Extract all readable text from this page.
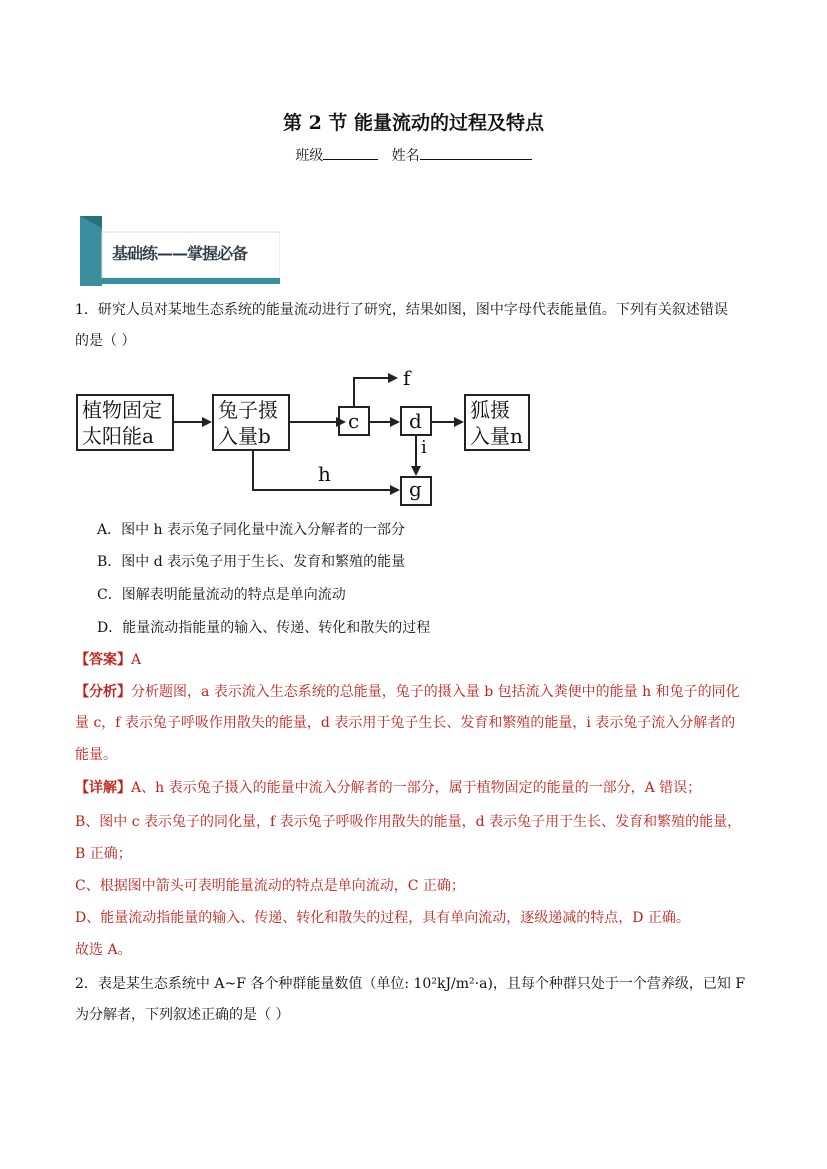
第 2 节 能量流动的过程及特点
班级	姓名
基础练——掌握必备
1．研究人员对某地生态系统的能量流动进行了研究，结果如图，图中字母代表能量值。下列有关叙述错误
的是（ ）
植物固定
太阳能a
兔子摄
入量b
c
f
d 狐摄
入量n
i
g
h
A．图中 h 表示兔子同化量中流入分解者的一部分
B．图中 d 表示兔子用于生长、发育和繁殖的能量
C．图解表明能量流动的特点是单向流动
D．能量流动指能量的输入、传递、转化和散失的过程
【答案】A
【分析】分析题图，a 表示流入生态系统的总能量，兔子的摄入量 b 包括流入粪便中的能量 h 和兔子的同化
量 c，f 表示兔子呼吸作用散失的能量，d 表示用于兔子生长、发育和繁殖的能量，i 表示兔子流入分解者的
能量。
【详解】A、h 表示兔子摄入的能量中流入分解者的一部分，属于植物固定的能量的一部分，A 错误；
B、图中 c 表示兔子的同化量，f 表示兔子呼吸作用散失的能量，d 表示兔子用于生长、发育和繁殖的能量，
B 正确；
C、根据图中箭头可表明能量流动的特点是单向流动，C 正确；
D、能量流动指能量的输入、传递、转化和散失的过程，具有单向流动，逐级递减的特点，D 正确。
故选 A。
2．表是某生态系统中 A~F 各个种群能量数值（单位: 10²kJ/m²·a)，且每个种群只处于一个营养级，已知 F
为分解者，下列叙述正确的是（ ）
